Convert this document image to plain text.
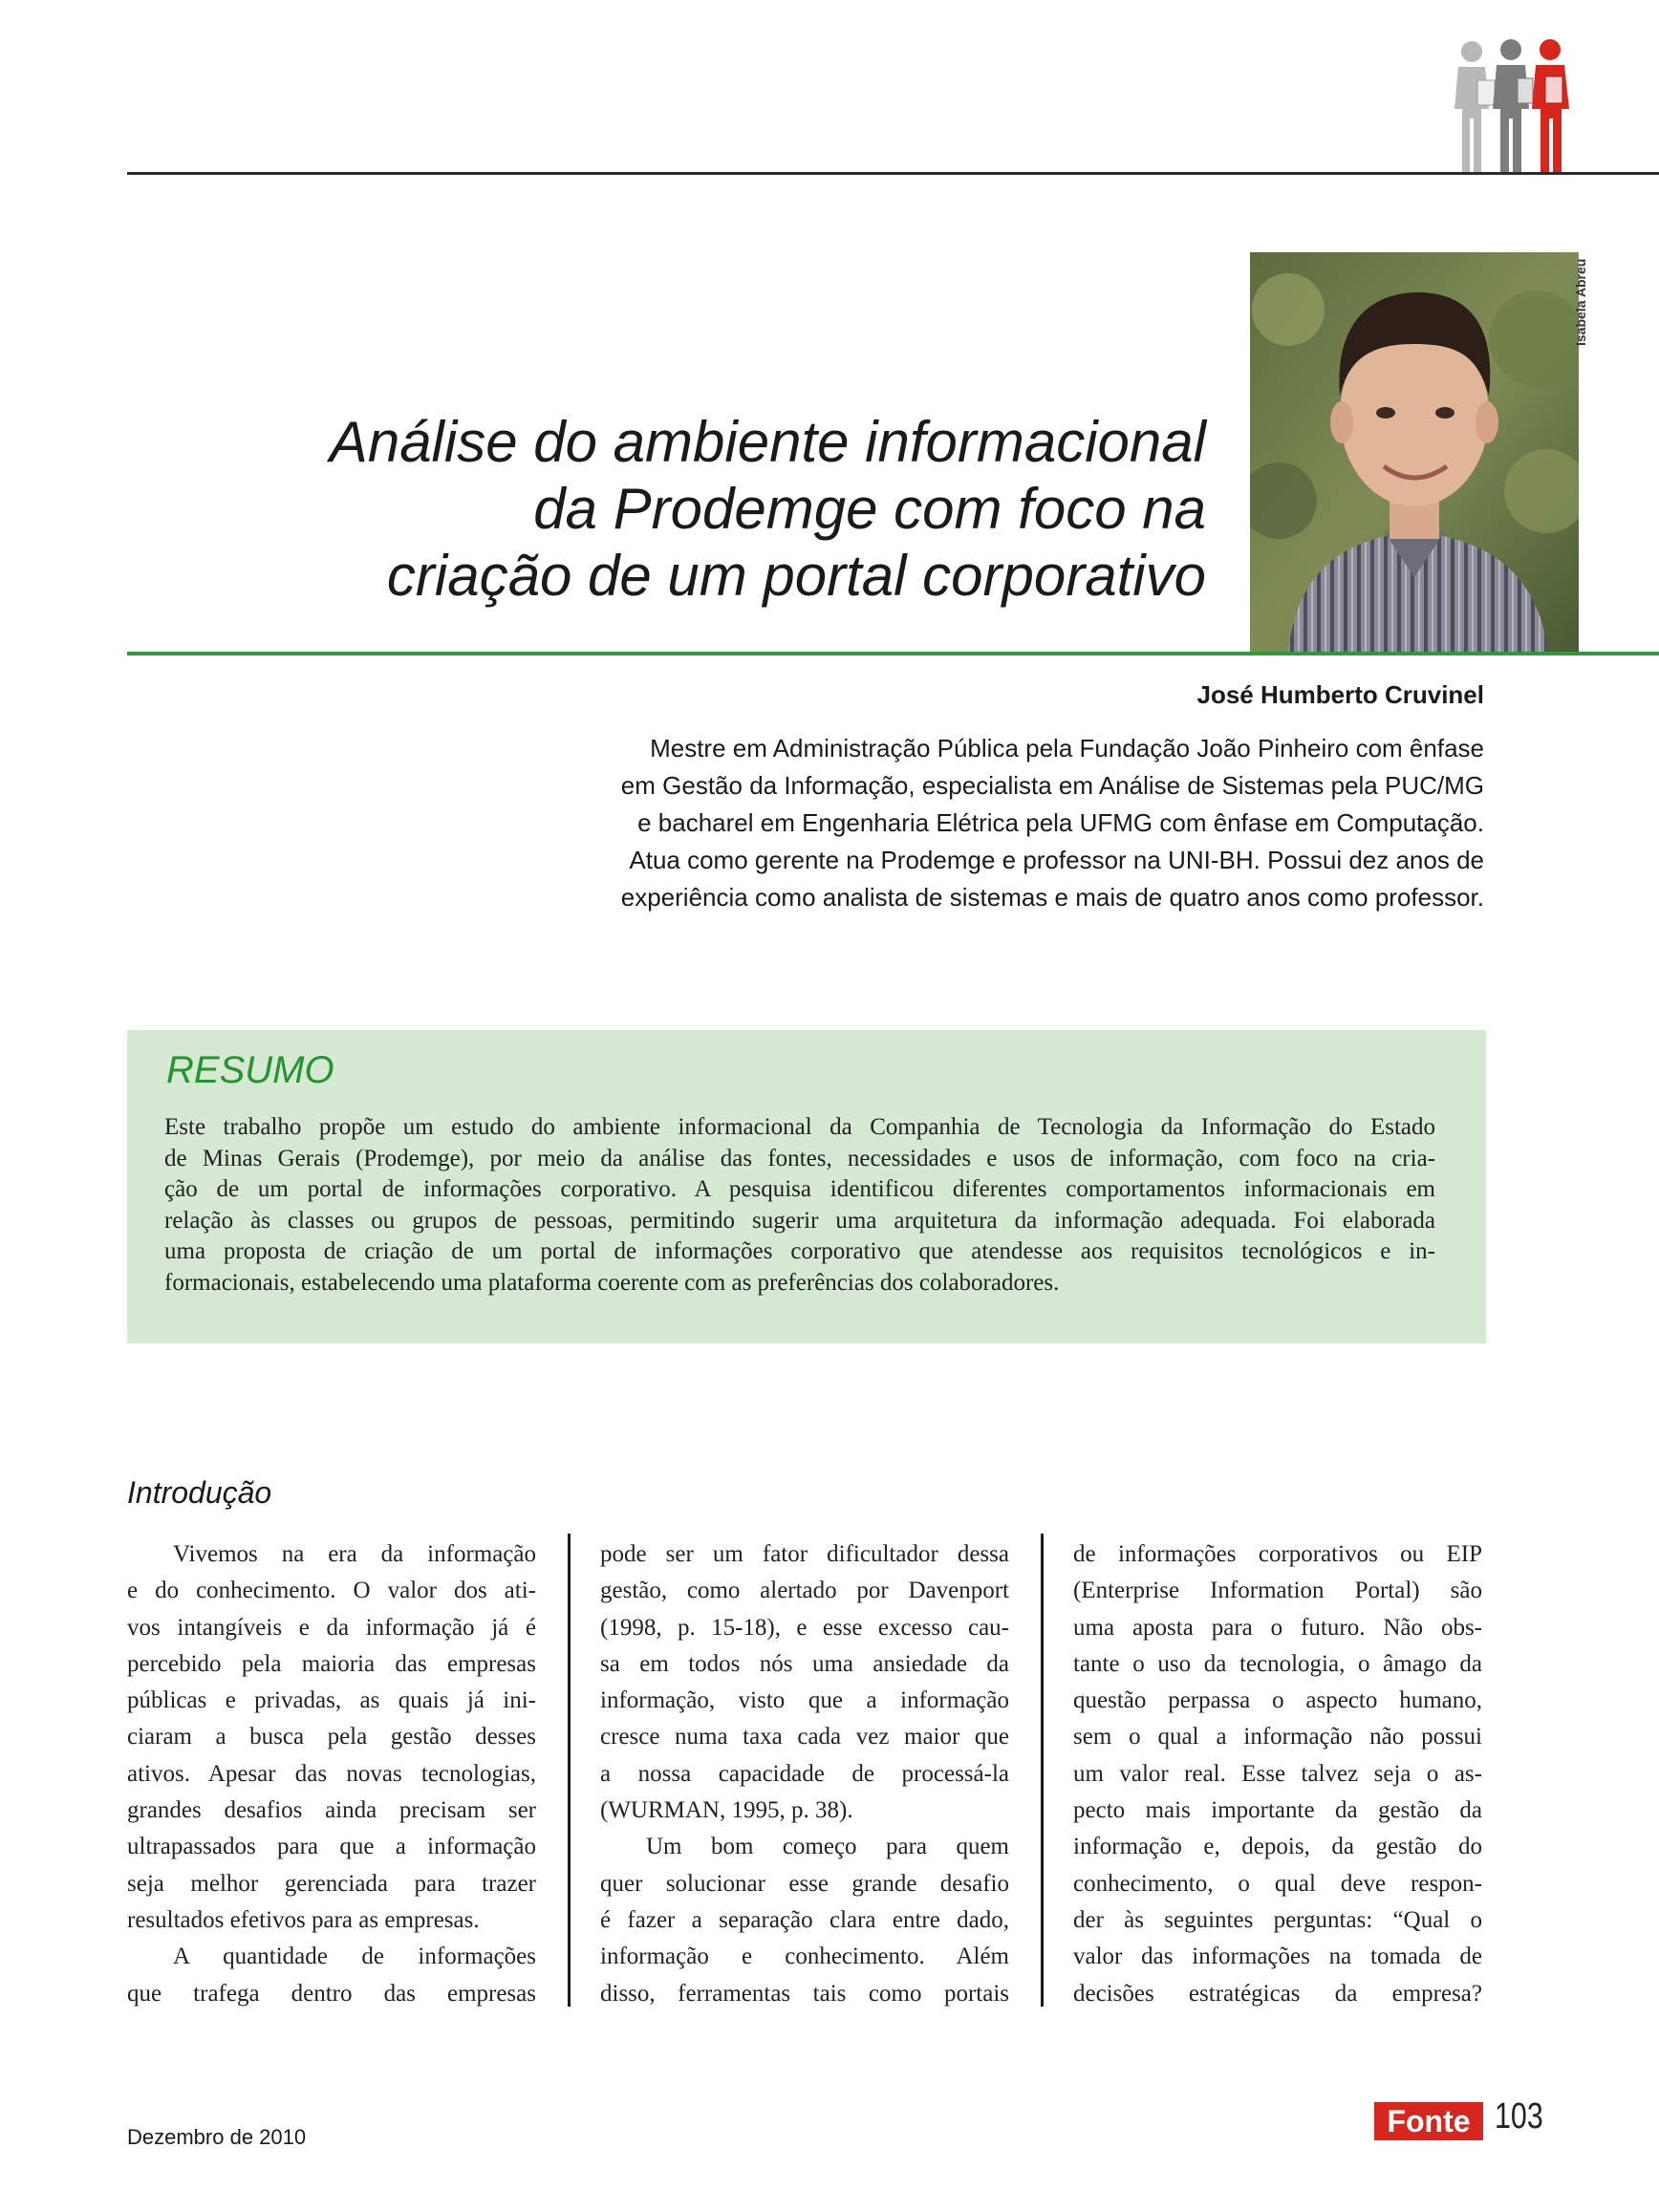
Análise do ambiente informacional
da Prodemge com foco na
criação de um portal corporativo
Isabela Abreu
José Humberto Cruvinel
Mestre em Administração Pública pela Fundação João Pinheiro com ênfase
em Gestão da Informação, especialista em Análise de Sistemas pela PUC/MG
e bacharel em Engenharia Elétrica pela UFMG com ênfase em Computação.
Atua como gerente na Prodemge e professor na UNI-BH. Possui dez anos de
experiência como analista de sistemas e mais de quatro anos como professor.
RESUMO
Este trabalho propõe um estudo do ambiente informacional da Companhia de Tecnologia da Informação do Estado
de Minas Gerais (Prodemge), por meio da análise das fontes, necessidades e usos de informação, com foco na cria-
ção de um portal de informações corporativo. A pesquisa identificou diferentes comportamentos informacionais em
relação às classes ou grupos de pessoas, permitindo sugerir uma arquitetura da informação adequada. Foi elaborada
uma proposta de criação de um portal de informações corporativo que atendesse aos requisitos tecnológicos e in-
formacionais, estabelecendo uma plataforma coerente com as preferências dos colaboradores.
Introdução
Vivemos na era da informação
e do conhecimento. O valor dos ati-
vos intangíveis e da informação já é
percebido pela maioria das empresas
públicas e privadas, as quais já ini-
ciaram a busca pela gestão desses
ativos. Apesar das novas tecnologias,
grandes desafios ainda precisam ser
ultrapassados para que a informação
seja melhor gerenciada para trazer
resultados efetivos para as empresas.
A quantidade de informações
que trafega dentro das empresas
pode ser um fator dificultador dessa
gestão, como alertado por Davenport
(1998, p. 15-18), e esse excesso cau-
sa em todos nós uma ansiedade da
informação, visto que a informação
cresce numa taxa cada vez maior que
a nossa capacidade de processá-la
(WURMAN, 1995, p. 38).
Um bom começo para quem
quer solucionar esse grande desafio
é fazer a separação clara entre dado,
informação e conhecimento. Além
disso, ferramentas tais como portais
de informações corporativos ou EIP
(Enterprise Information Portal) são
uma aposta para o futuro. Não obs-
tante o uso da tecnologia, o âmago da
questão perpassa o aspecto humano,
sem o qual a informação não possui
um valor real. Esse talvez seja o as-
pecto mais importante da gestão da
informação e, depois, da gestão do
conhecimento, o qual deve respon-
der às seguintes perguntas: “Qual o
valor das informações na tomada de
decisões estratégicas da empresa?
Dezembro de 2010	Fonte 103
